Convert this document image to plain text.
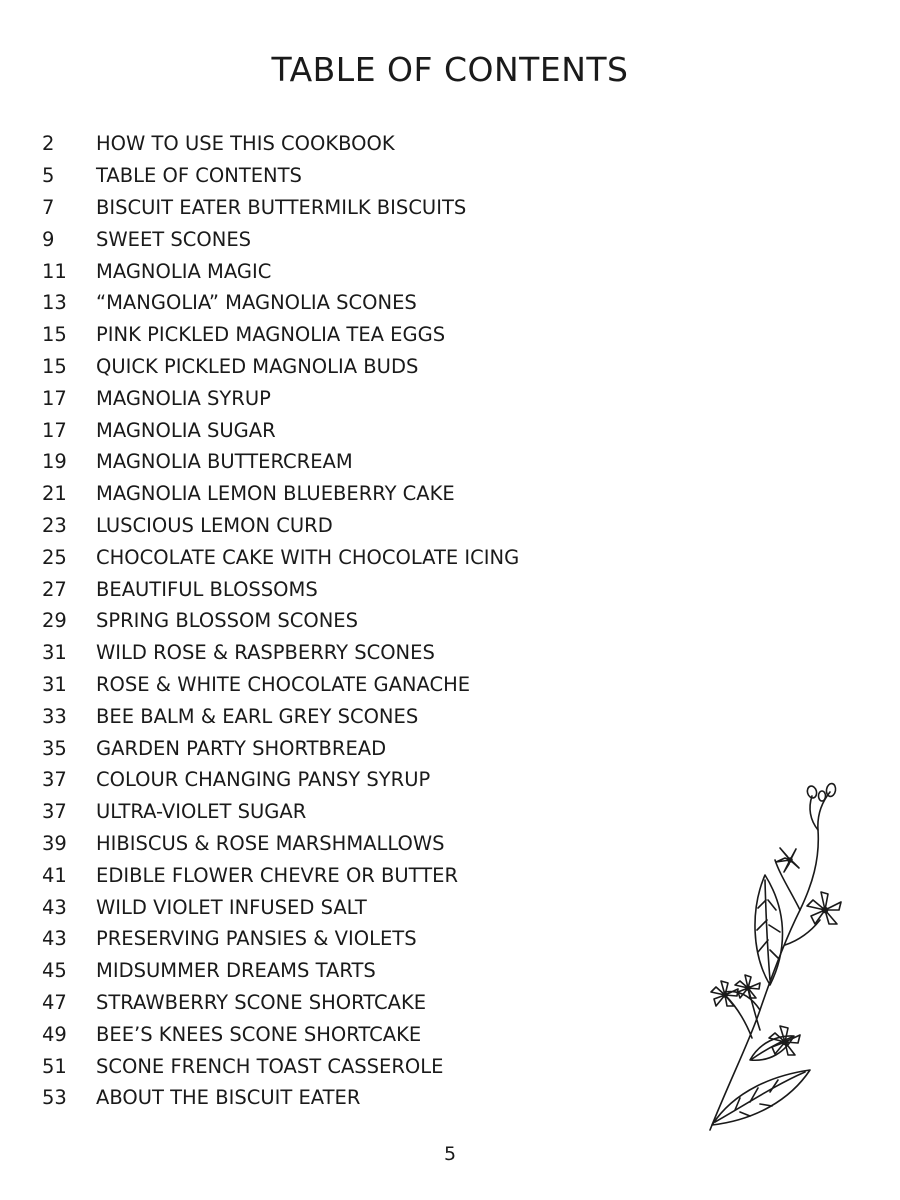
TABLE OF CONTENTS
2	HOW TO USE THIS COOKBOOK
5	TABLE OF CONTENTS
7	BISCUIT EATER BUTTERMILK BISCUITS
9	SWEET SCONES
11	MAGNOLIA MAGIC
13	“MANGOLIA” MAGNOLIA SCONES
15	PINK PICKLED MAGNOLIA TEA EGGS
15	QUICK PICKLED MAGNOLIA BUDS
17	MAGNOLIA SYRUP
17	MAGNOLIA SUGAR
19	MAGNOLIA BUTTERCREAM
21	MAGNOLIA LEMON BLUEBERRY CAKE
23	LUSCIOUS LEMON CURD
25	CHOCOLATE CAKE WITH CHOCOLATE ICING
27	BEAUTIFUL BLOSSOMS
29	SPRING BLOSSOM SCONES
31	WILD ROSE & RASPBERRY SCONES
31	ROSE & WHITE CHOCOLATE GANACHE
33	BEE BALM & EARL GREY SCONES
35	GARDEN PARTY SHORTBREAD
37	COLOUR CHANGING PANSY SYRUP
37	ULTRA-VIOLET SUGAR
39	HIBISCUS & ROSE MARSHMALLOWS
41	EDIBLE FLOWER CHEVRE OR BUTTER
43	WILD VIOLET INFUSED SALT
43	PRESERVING PANSIES & VIOLETS
45	MIDSUMMER DREAMS TARTS
47	STRAWBERRY SCONE SHORTCAKE
49	BEE’S KNEES SCONE SHORTCAKE
51	SCONE FRENCH TOAST CASSEROLE
53	ABOUT THE BISCUIT EATER
5
